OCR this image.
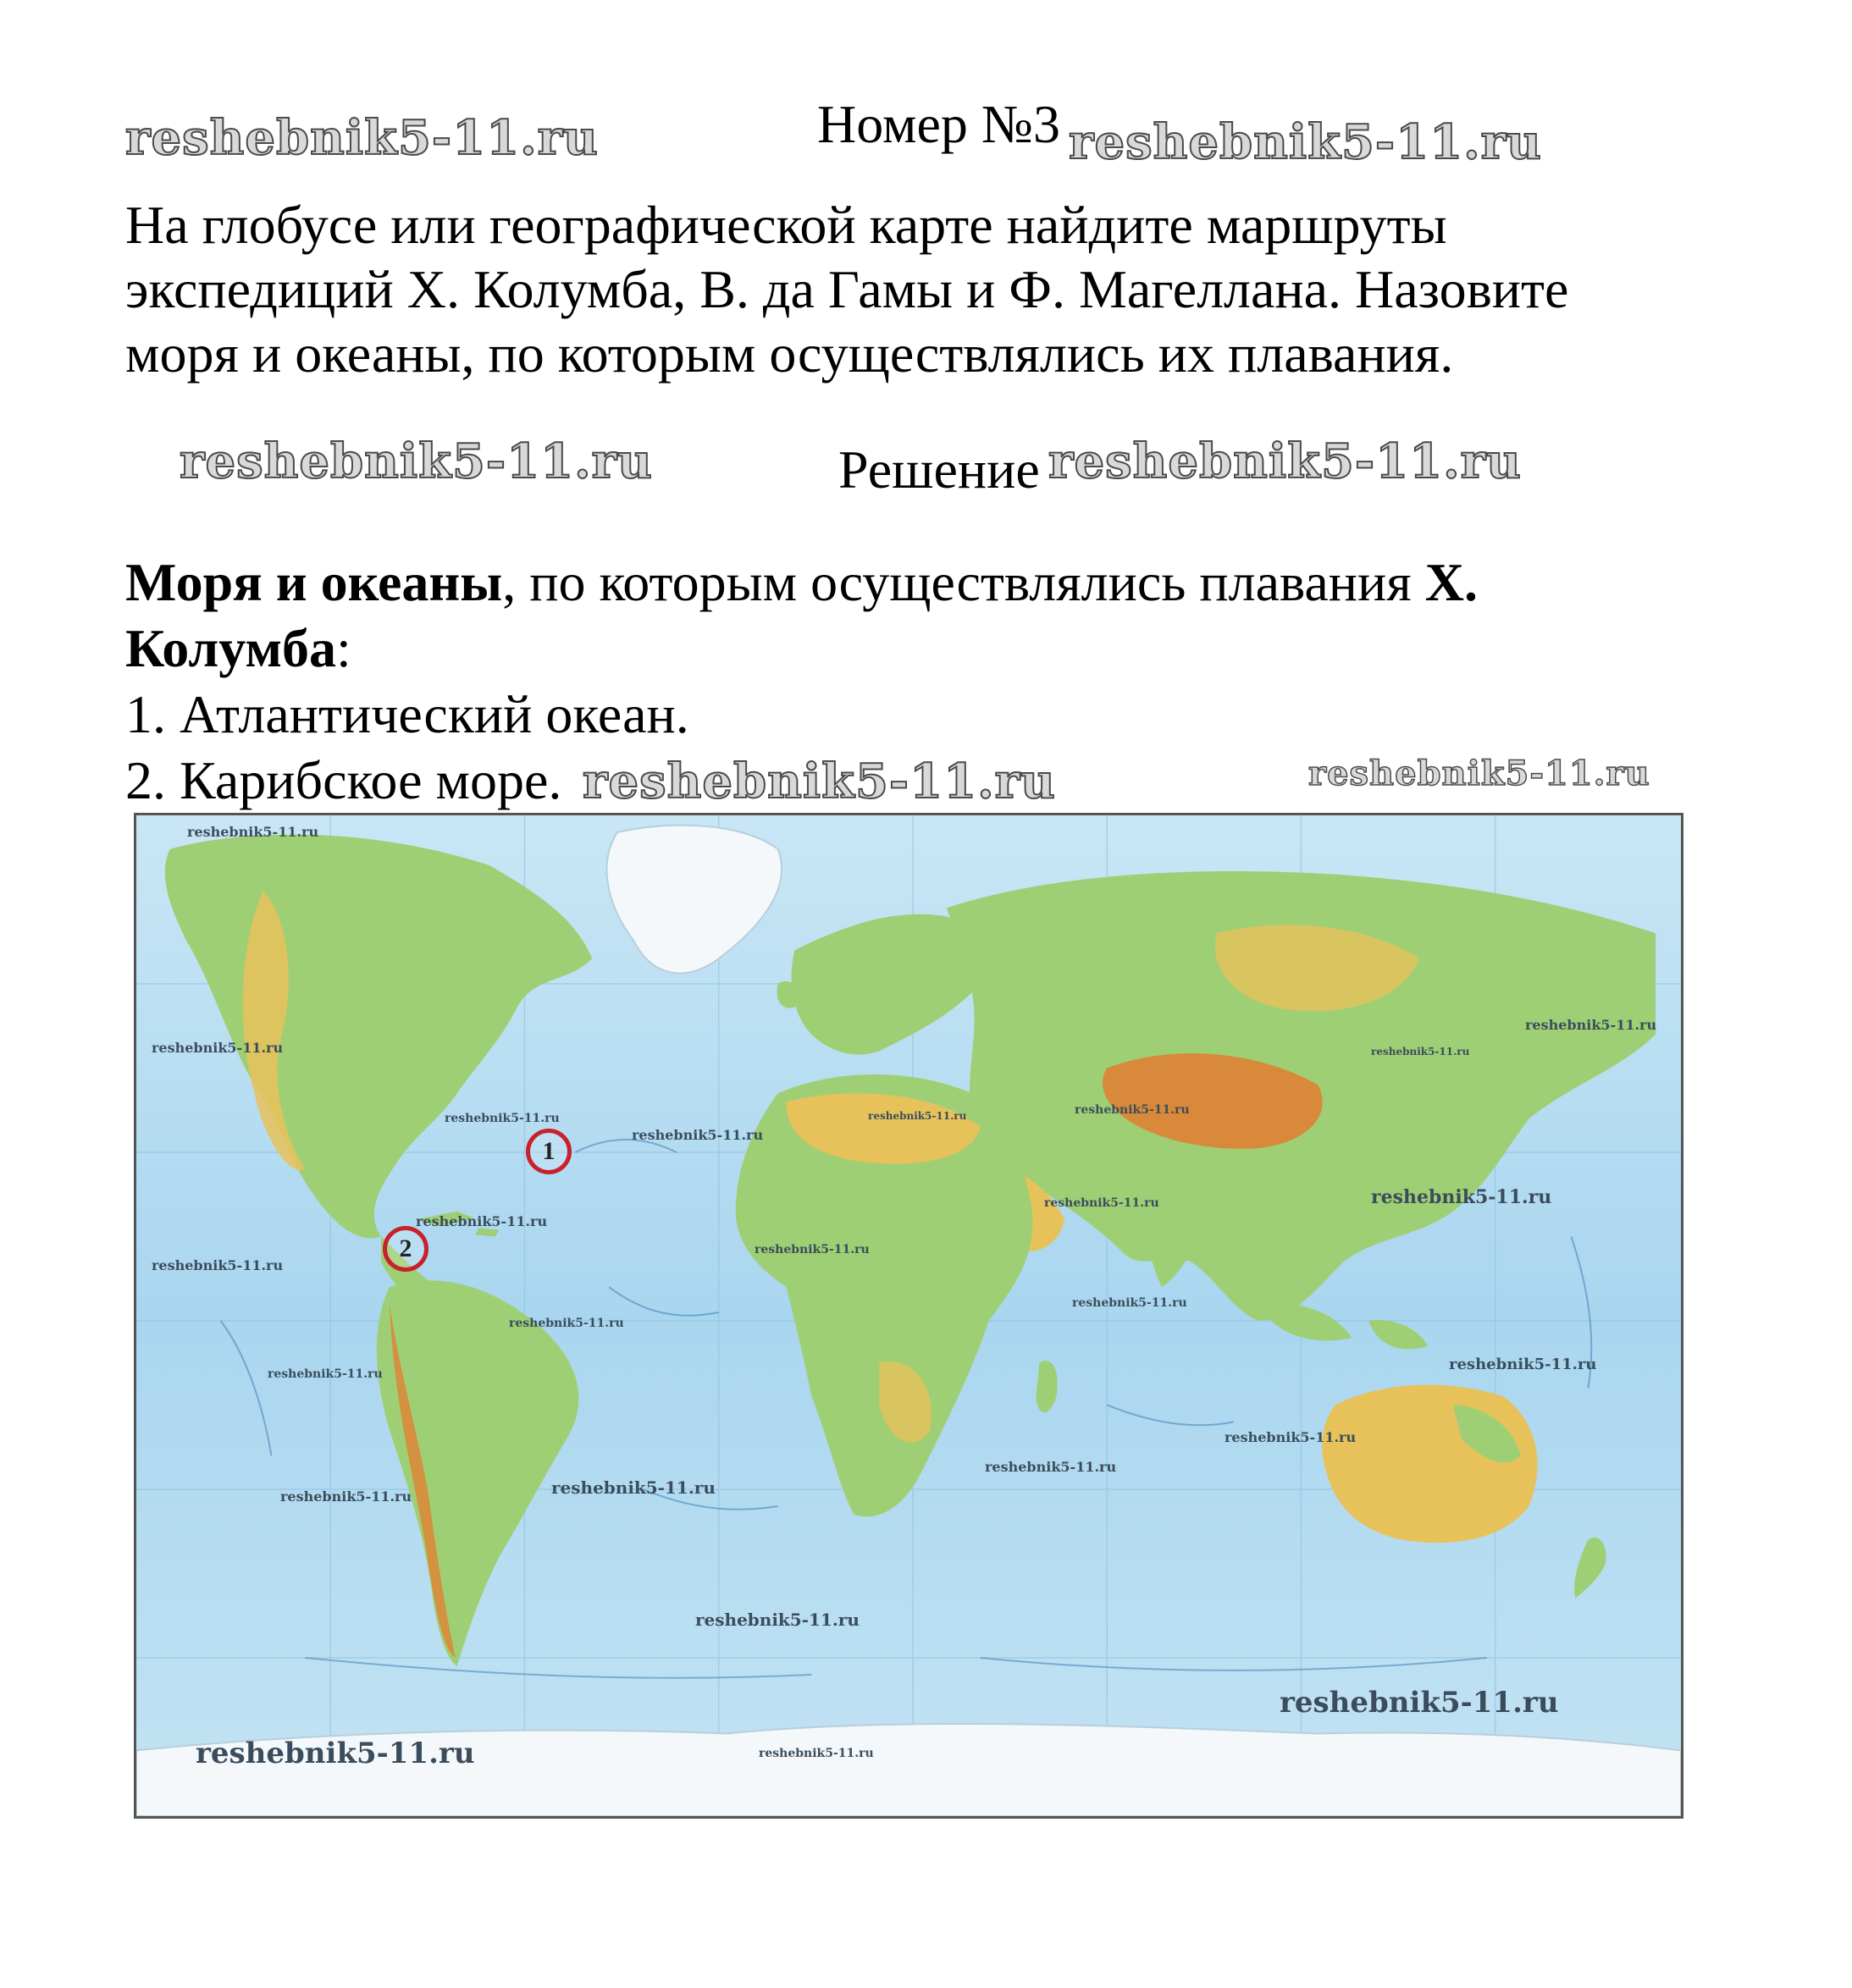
reshebnik5-11.ru	Номер №3 reshebnik5-11.ru
На глобусе или географической карте найдите маршруты
экспедиций Х. Колумба, В. да Гамы и Ф. Магеллана. Назовите
моря и океаны, по которым осуществлялись их плавания.
reshebnik5-11.ru	Решение reshebnik5-11.ru
Моря и океаны, по которым осуществлялись плавания Х.
Колумба:
1. Атлантический океан.
2. Карибское море. reshebnik5-11.ru	reshebnik5-11.ru
reshebnik5-11.ru
reshebnik5-11.ru
reshebnik5-11.ru
reshebnik5-11.ru
reshebnik5-11.ru
reshebnik5-11.ru
reshebnik5-11.ru
reshebnik5-11.ru
reshebnik5-11.ru
reshebnik5-11.ru
reshebnik5-11.ru
reshebnik5-11.ru
reshebnik5-11.ru
reshebnik5-11.ru
reshebnik5-11.ru
reshebnik5-11.ru
reshebnik5-11.ru
reshebnik5-11.ru
reshebnik5-11.ru
reshebnik5-11.ru
reshebnik5-11.ru
reshebnik5-11.ru
reshebnik5-11.ru
reshebnik5-11.ru	reshebnik5-11.ru
1
2
